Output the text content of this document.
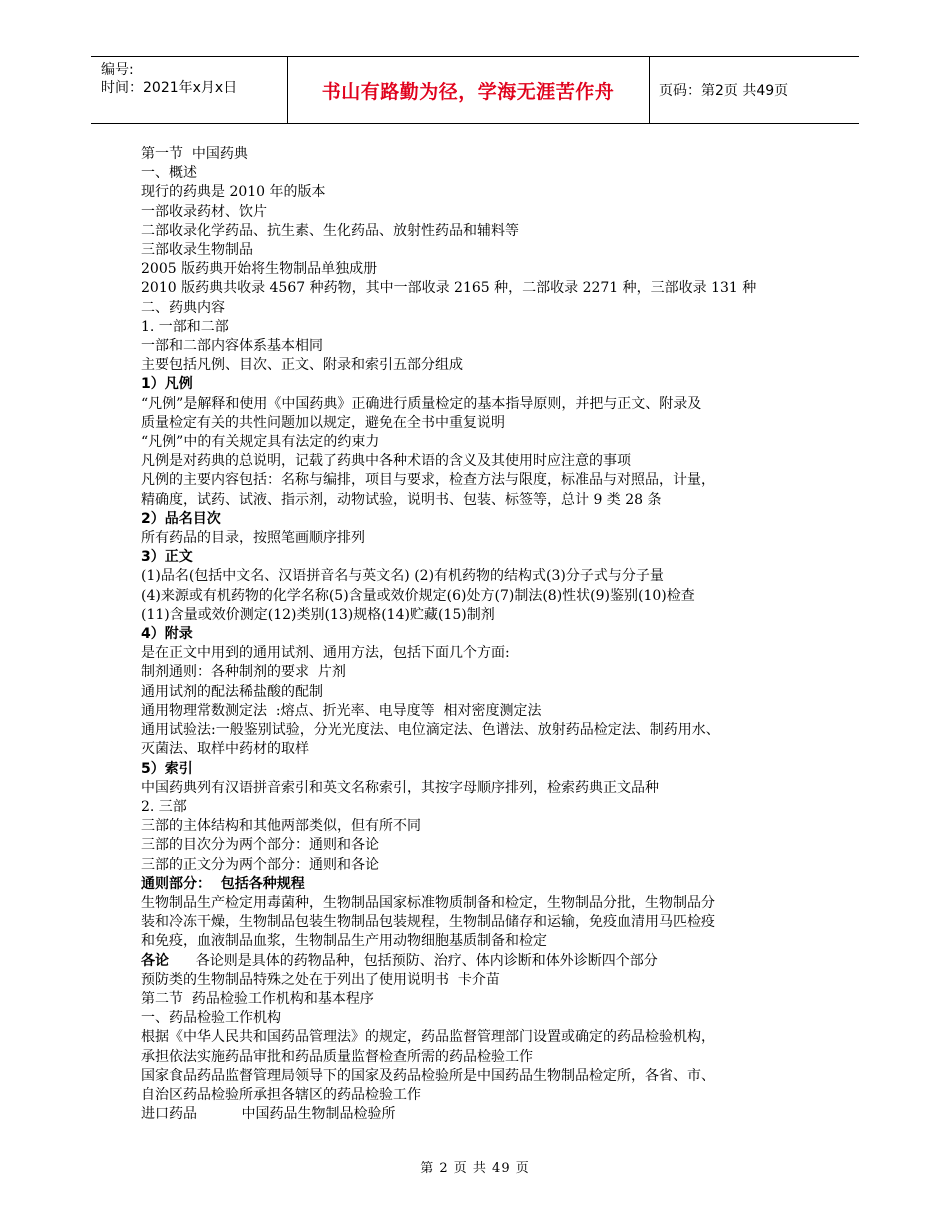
编号:
时间：2021年x月x日	书山有路勤为径，学海无涯苦作舟	页码：第2页 共49页
第一节  中国药典
一、概述
现行的药典是 2010 年的版本
一部收录药材、饮片
二部收录化学药品、抗生素、生化药品、放射性药品和辅料等
三部收录生物制品
2005 版药典开始将生物制品单独成册
2010 版药典共收录 4567 种药物，其中一部收录 2165 种，二部收录 2271 种，三部收录 131 种
二、药典内容
1. 一部和二部
一部和二部内容体系基本相同
主要包括凡例、目次、正文、附录和索引五部分组成
1）凡例
“凡例”是解释和使用《中国药典》正确进行质量检定的基本指导原则，并把与正文、附录及
质量检定有关的共性问题加以规定，避免在全书中重复说明
“凡例”中的有关规定具有法定的约束力
凡例是对药典的总说明，记载了药典中各种术语的含义及其使用时应注意的事项
凡例的主要内容包括：名称与编排，项目与要求，检查方法与限度，标准品与对照品，计量，
精确度，试药、试液、指示剂，动物试验，说明书、包装、标签等，总计 9 类 28 条
2）品名目次
所有药品的目录，按照笔画顺序排列
3）正文
(1)品名(包括中文名、汉语拼音名与英文名) (2)有机药物的结构式(3)分子式与分子量
(4)来源或有机药物的化学名称(5)含量或效价规定(6)处方(7)制法(8)性状(9)鉴别(10)检查
(11)含量或效价测定(12)类别(13)规格(14)贮藏(15)制剂
4）附录
是在正文中用到的通用试剂、通用方法，包括下面几个方面:
制剂通则：各种制剂的要求  片剂
通用试剂的配法稀盐酸的配制
通用物理常数测定法  :熔点、折光率、电导度等  相对密度测定法
通用试验法:一般鉴别试验，分光光度法、电位滴定法、色谱法、放射药品检定法、制药用水、
灭菌法、取样中药材的取样
5）索引
中国药典列有汉语拼音索引和英文名称索引，其按字母顺序排列，检索药典正文品种
2. 三部
三部的主体结构和其他两部类似，但有所不同
三部的目次分为两个部分：通则和各论
三部的正文分为两个部分：通则和各论
通则部分：  包括各种规程
生物制品生产检定用毒菌种，生物制品国家标准物质制备和检定，生物制品分批，生物制品分
装和冷冻干燥，生物制品包装生物制品包装规程，生物制品储存和运输，免疫血清用马匹检疫
和免疫，血液制品血浆，生物制品生产用动物细胞基质制备和检定
各论      各论则是具体的药物品种，包括预防、治疗、体内诊断和体外诊断四个部分
预防类的生物制品特殊之处在于列出了使用说明书  卡介苗
第二节  药品检验工作机构和基本程序
一、药品检验工作机构
根据《中华人民共和国药品管理法》的规定，药品监督管理部门设置或确定的药品检验机构，
承担依法实施药品审批和药品质量监督检查所需的药品检验工作
国家食品药品监督管理局领导下的国家及药品检验所是中国药品生物制品检定所，各省、市、
自治区药品检验所承担各辖区的药品检验工作
进口药品          中国药品生物制品检验所
第 2 页 共 49 页
